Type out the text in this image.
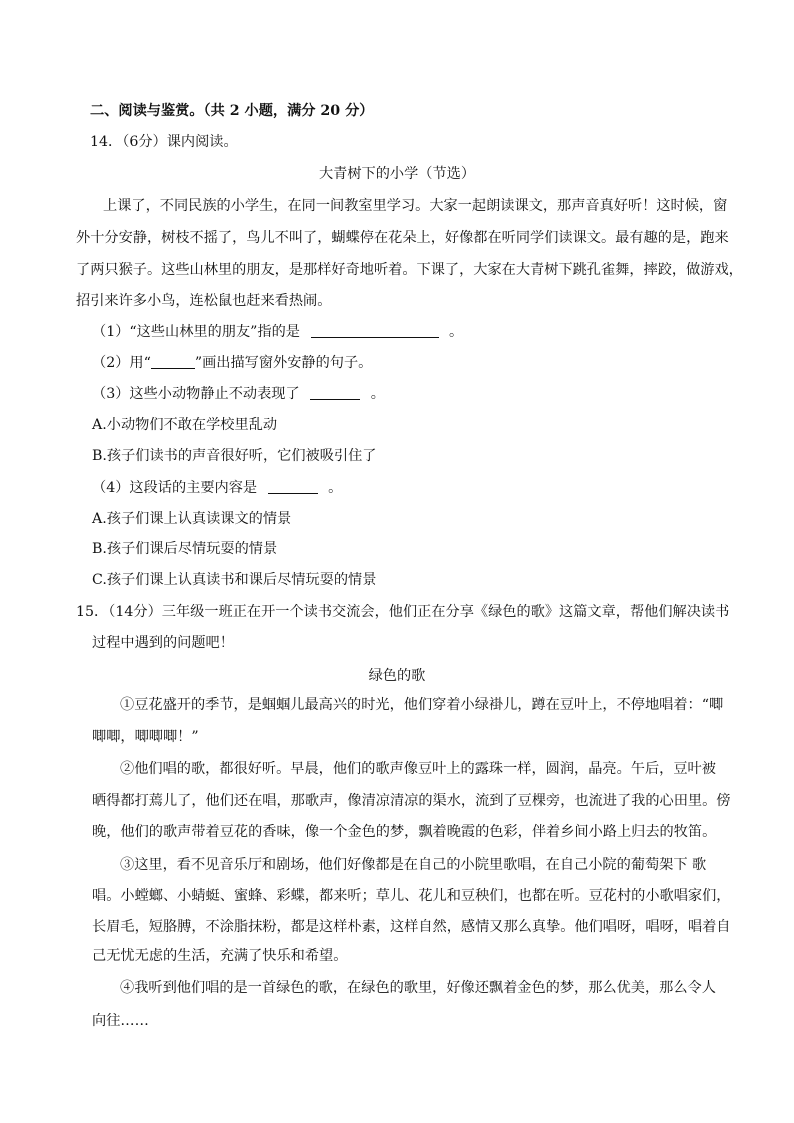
二、阅读与鉴赏。（共 2 小题，满分 20 分）
14．（6分）课内阅读。
大青树下的小学（节选）
上课了，不同民族的小学生，在同一间教室里学习。大家一起朗读课文，那声音真好听！这时候，窗
外十分安静，树枝不摇了，鸟儿不叫了，蝴蝶停在花朵上，好像都在听同学们读课文。最有趣的是，跑来
了两只猴子。这些山林里的朋友，是那样好奇地听着。下课了，大家在大青树下跳孔雀舞，摔跤，做游戏，
招引来许多小鸟，连松鼠也赶来看热闹。
（1）“这些山林里的朋友”指的是	。
（2）用“	”画出描写窗外安静的句子。
（3）这些小动物静止不动表现了	。
A.小动物们不敢在学校里乱动
B.孩子们读书的声音很好听，它们被吸引住了
（4）这段话的主要内容是	。
A.孩子们课上认真读课文的情景
B.孩子们课后尽情玩耍的情景
C.孩子们课上认真读书和课后尽情玩耍的情景
15．（14分）三年级一班正在开一个读书交流会，他们正在分享《绿色的歌》这篇文章，帮他们解决读书
过程中遇到的问题吧！
绿色的歌
①豆花盛开的季节，是蝈蝈儿最高兴的时光，他们穿着小绿褂儿，蹲在豆叶上，不停地唱着：“唧
唧唧，唧唧唧！”
②他们唱的歌，都很好听。早晨，他们的歌声像豆叶上的露珠一样，圆润，晶亮。午后，豆叶被
晒得都打蔫儿了，他们还在唱，那歌声，像清凉清凉的渠水，流到了豆棵旁，也流进了我的心田里。傍
晚，他们的歌声带着豆花的香味，像一个金色的梦，飘着晚霞的色彩，伴着乡间小路上归去的牧笛。
③这里，看不见音乐厅和剧场，他们好像都是在自己的小院里歌唱，在自己小院的葡萄架下 歌
唱。小螳螂、小蜻蜓、蜜蜂、彩蝶，都来听；草儿、花儿和豆秧们，也都在听。豆花村的小歌唱家们，
长眉毛，短胳膊，不涂脂抹粉，都是这样朴素，这样自然，感情又那么真挚。他们唱呀，唱呀，唱着自
己无忧无虑的生活，充满了快乐和希望。
④我听到他们唱的是一首绿色的歌，在绿色的歌里，好像还飘着金色的梦，那么优美，那么令人
向往……
